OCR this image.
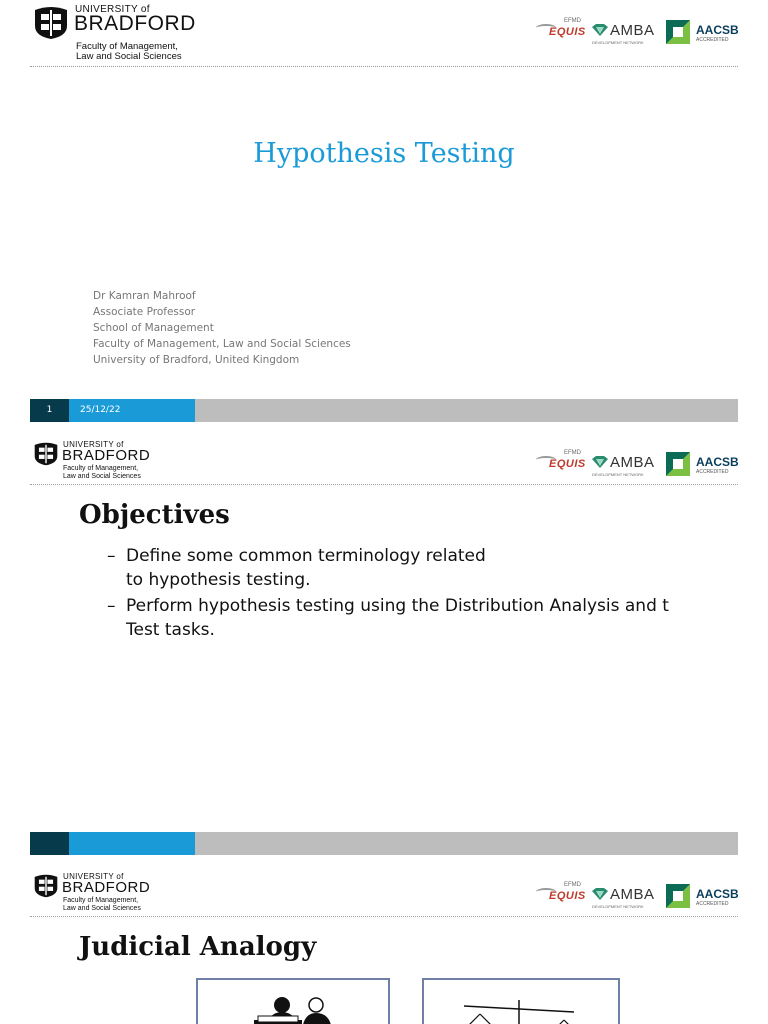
UNIVERSITY of
BRADFORD
Faculty of Management,
Law and Social Sciences
EFMD
EQUIS AMBA
DEVELOPMENT NETWORK
AACSB
ACCREDITED
Hypothesis Testing
Dr Kamran Mahroof
Associate Professor
School of Management
Faculty of Management, Law and Social Sciences
University of Bradford, United Kingdom
1	25/12/22
UNIVERSITY of
BRADFORD
Faculty of Management,
Law and Social Sciences
EFMD
EQUIS AMBA
DEVELOPMENT NETWORK
AACSB
ACCREDITED
Objectives
– Define some common terminology related
to hypothesis testing.
– Perform hypothesis testing using the Distribution Analysis and t
Test tasks.
UNIVERSITY of
BRADFORD
Faculty of Management,
Law and Social Sciences
EFMD
EQUIS AMBA
DEVELOPMENT NETWORK
AACSB
ACCREDITED
Judicial Analogy
